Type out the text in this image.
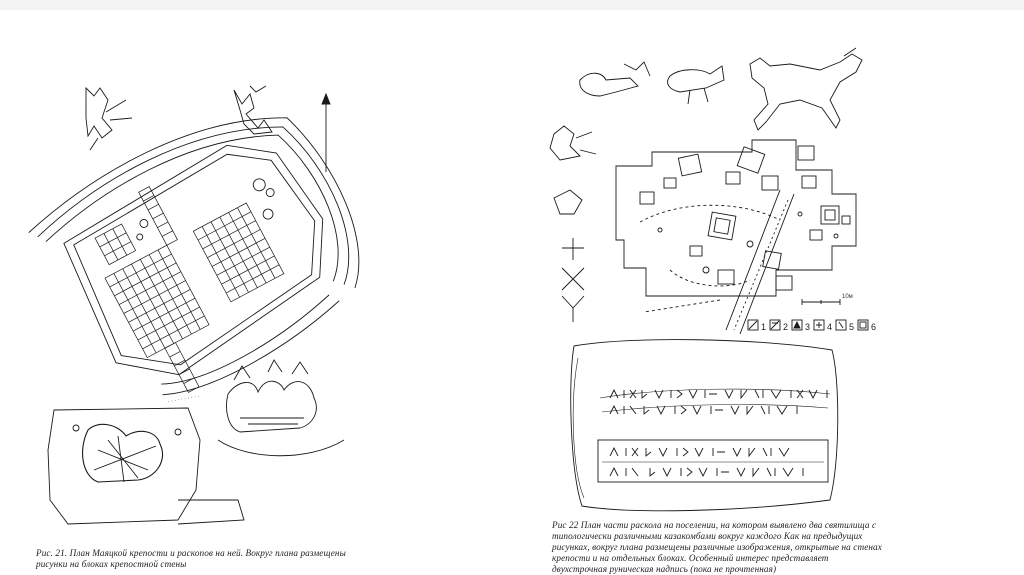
. . . . . . . . . .
Рис. 21. План Маяцкой крепости и раскопов на ней. Вокруг плана размещены рисунки на блоках крепостной стены
1 2 3 4 5 6
10м
Рис 22 План части раскола на поселении, на котором выявлено два святилища с типологически различными казакомбами вокруг каждого Как на предыдущих рисунках, вокруг плана размещены различные изображения, открытые на стенах крепости и на отдельных блоках. Особенный интерес представляет двухстрочная руническая надпись (пока не прочтенная)
